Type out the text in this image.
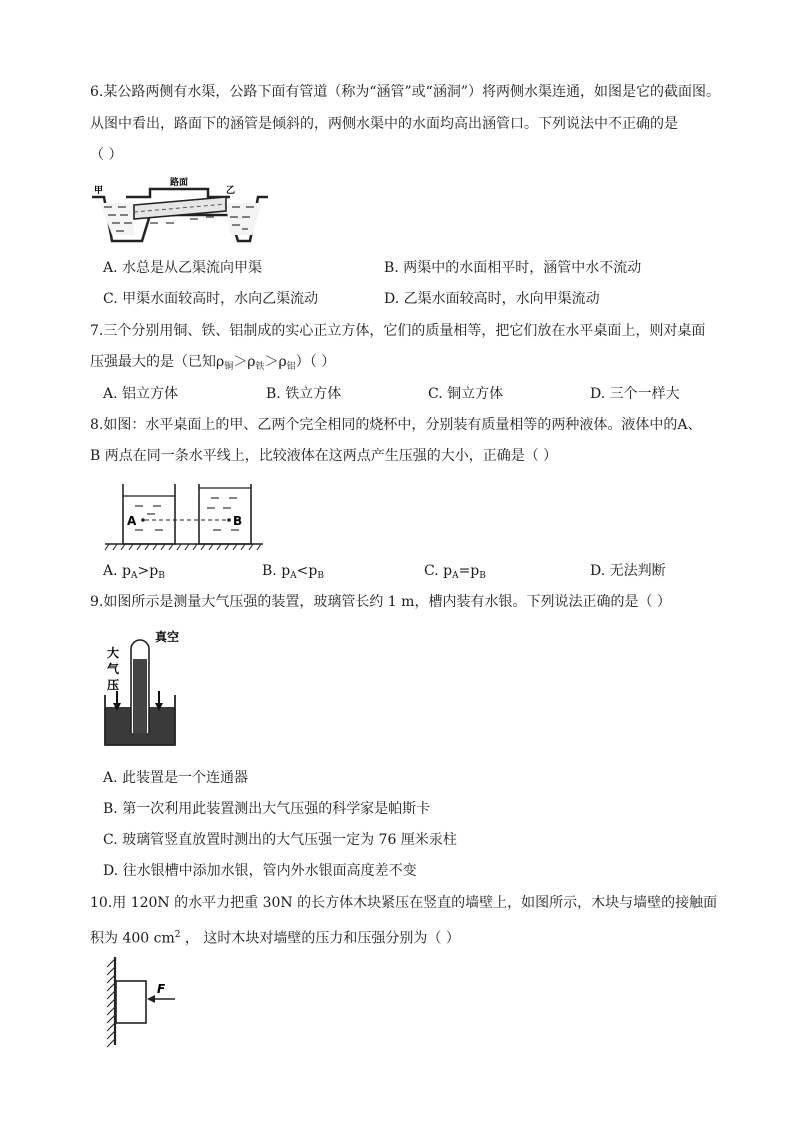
6.某公路两侧有水渠，公路下面有管道（称为“涵管”或“涵洞”）将两侧水渠连通，如图是它的截面图。
从图中看出，路面下的涵管是倾斜的，两侧水渠中的水面均高出涵管口。下列说法中不正确的是
（ ）
甲
路面
乙
A. 水总是从乙渠流向甲渠	B. 两渠中的水面相平时，涵管中水不流动
C. 甲渠水面较高时，水向乙渠流动	D. 乙渠水面较高时，水向甲渠流动
7.三个分别用铜、铁、铝制成的实心正立方体，它们的质量相等，把它们放在水平桌面上，则对桌面
压强最大的是（已知$\rho_铜>\rho_铁>\rho_铝$）（ ）
A. 铝立方体	B. 铁立方体	C. 铜立方体	D. 三个一样大
8.如图：水平桌面上的甲、乙两个完全相同的烧杯中，分别装有质量相等的两种液体。液体中的A、
B 两点在同一条水平线上，比较液体在这两点产生压强的大小，正确是（ ）
A	B
A. $p_A>p_B$	B. $p_A<p_B$	C. $p_A=p_B$	D. 无法判断
9.如图所示是测量大气压强的装置，玻璃管长约 1 m，槽内装有水银。下列说法正确的是（ ）
真空
大
气
压
A. 此装置是一个连通器
B. 第一次利用此装置测出大气压强的科学家是帕斯卡
C. 玻璃管竖直放置时测出的大气压强一定为 76 厘米汞柱
D. 往水银槽中添加水银，管内外水银面高度差不变
10.用 120N 的水平力把重 30N 的长方体木块紧压在竖直的墙壁上，如图所示，木块与墙壁的接触面
积为 400 $cm^2$ ， 这时木块对墙壁的压力和压强分别为（ ）
F
